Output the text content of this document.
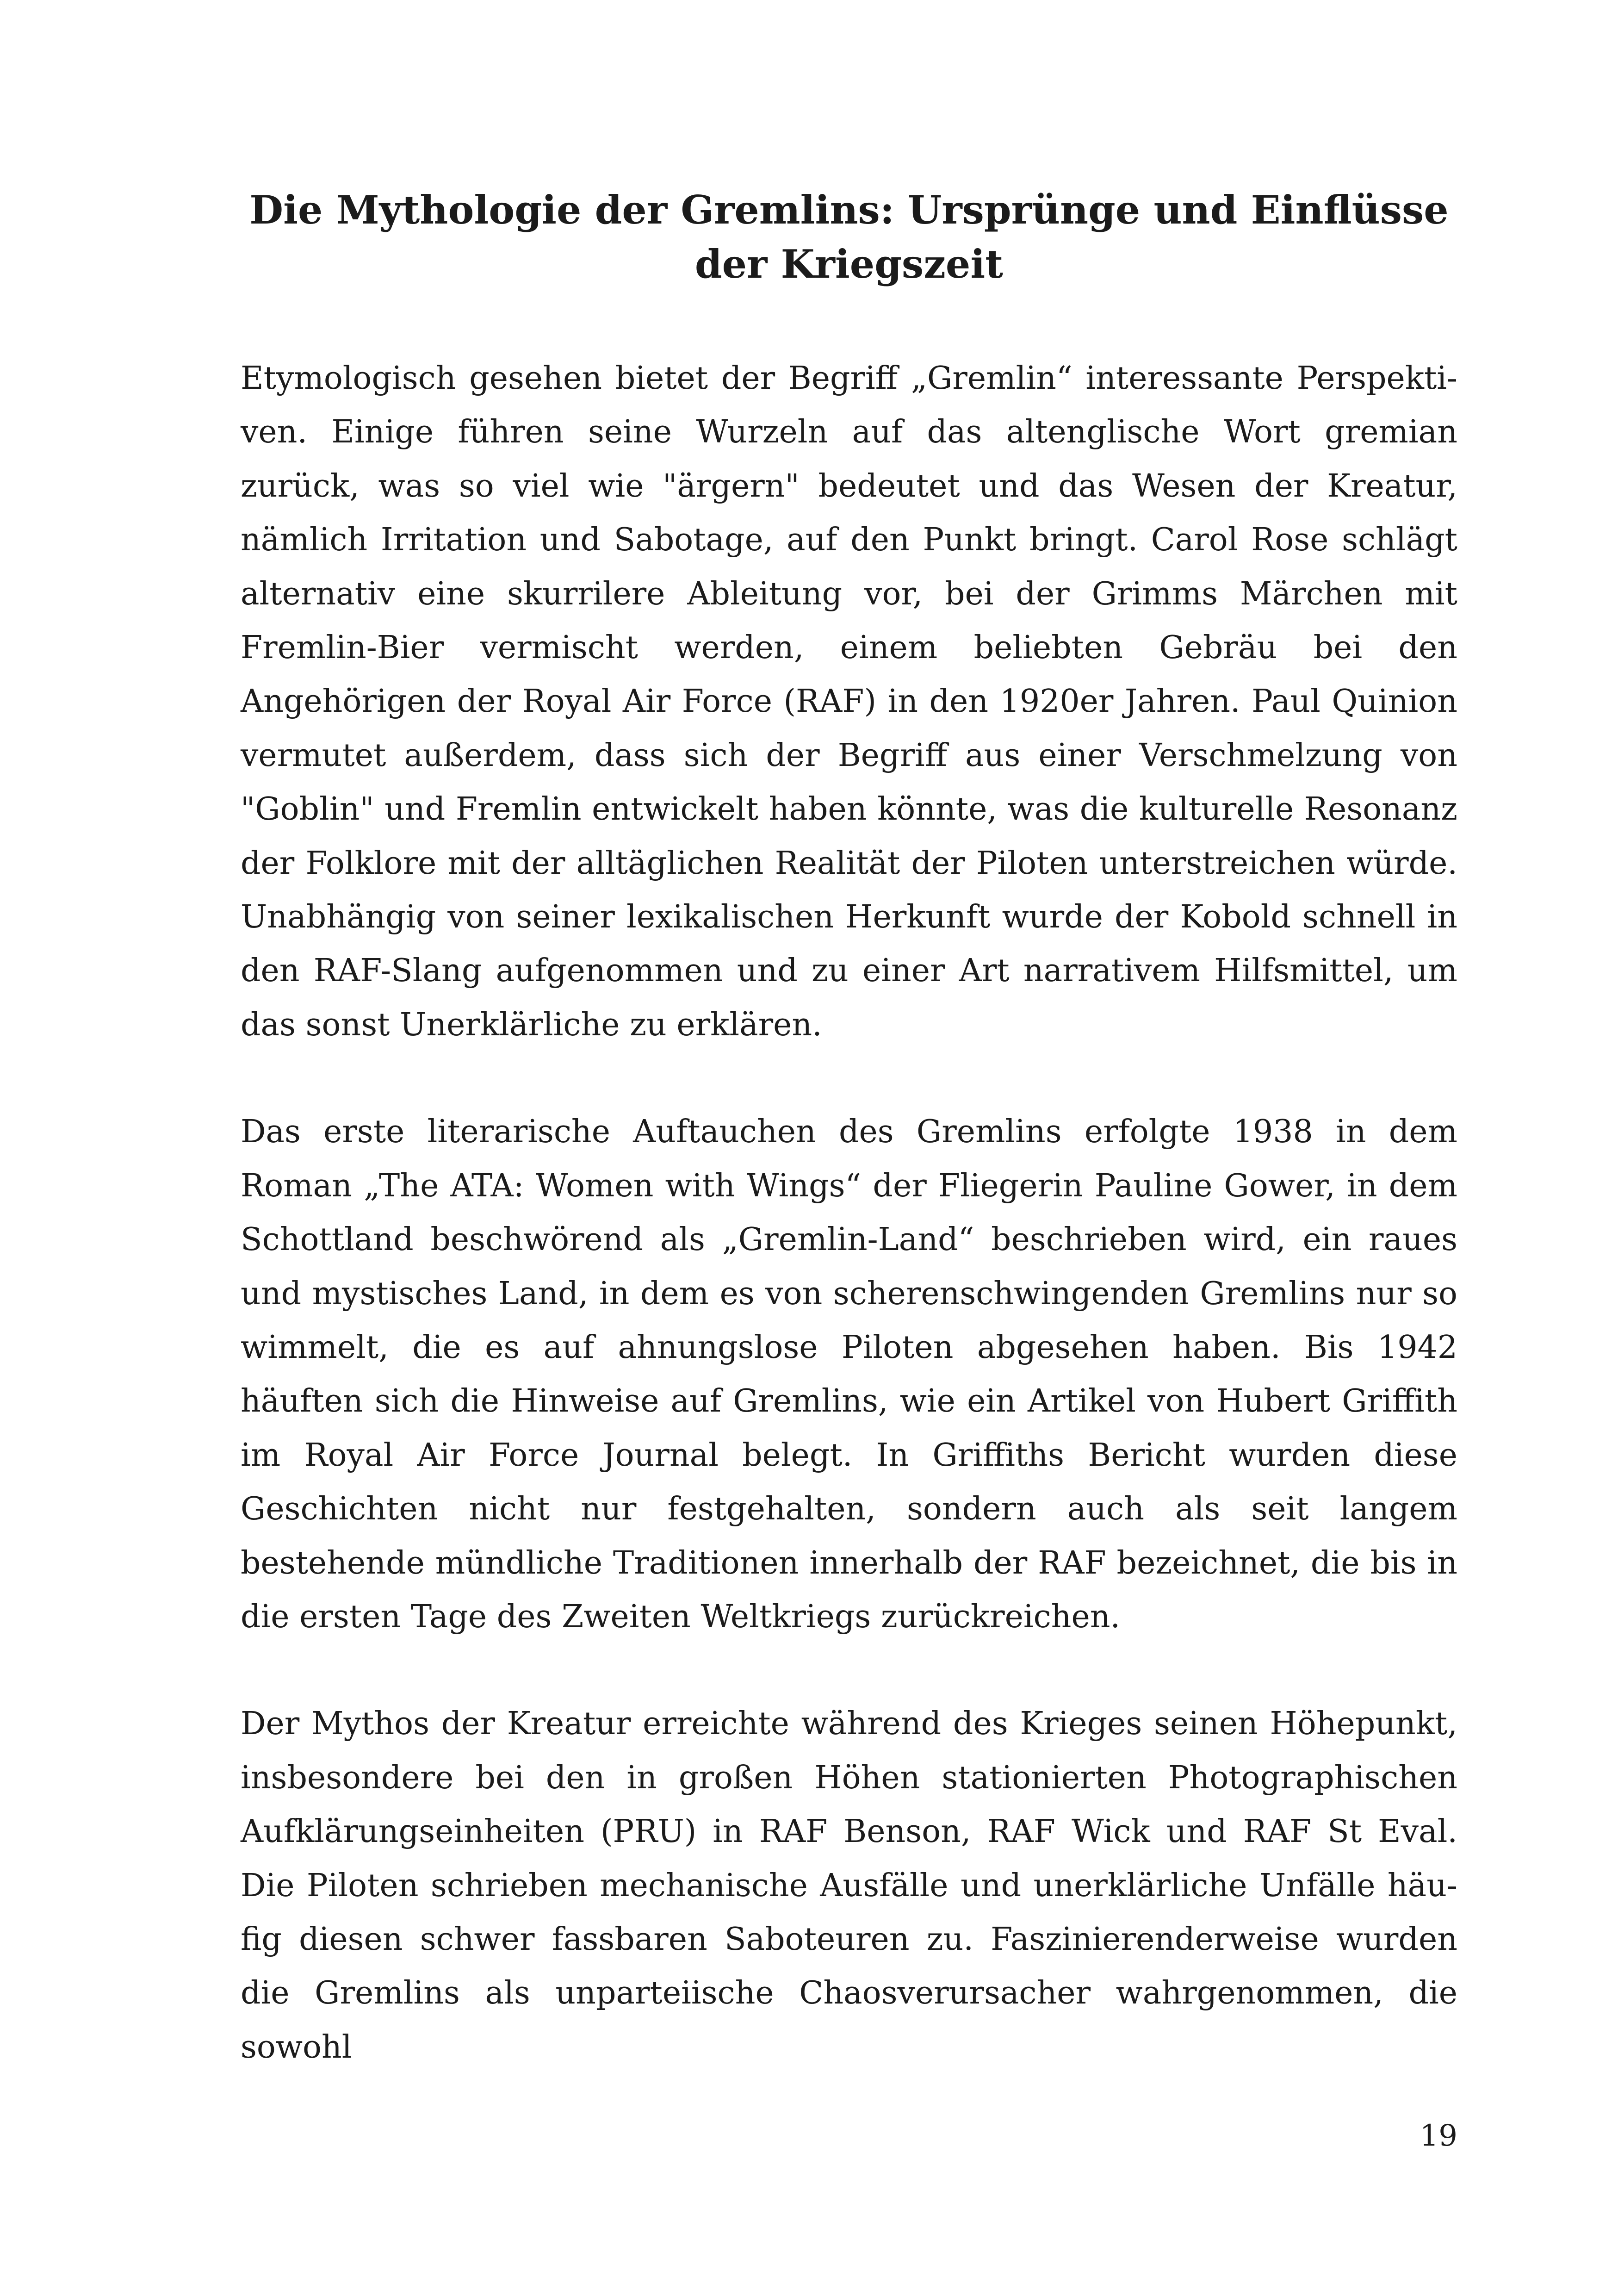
Die Mythologie der Gremlins: Ursprünge und Einflüsse der Kriegszeit

Etymologisch gesehen bietet der Begriff „Gremlin“ interessante Perspektiven. Einige führen seine Wurzeln auf das altenglische Wort gremian zurück, was so viel wie "ärgern" bedeutet und das Wesen der Kreatur, nämlich Irritation und Sabotage, auf den Punkt bringt. Carol Rose schlägt alternativ eine skurrilere Ableitung vor, bei der Grimms Märchen mit Fremlin-Bier vermischt werden, einem beliebten Gebräu bei den Angehörigen der Royal Air Force (RAF) in den 1920er Jahren. Paul Quinion vermutet außerdem, dass sich der Begriff aus einer Verschmelzung von "Goblin" und Fremlin entwickelt haben könnte, was die kulturelle Resonanz der Folklore mit der alltäglichen Realität der Piloten unterstreichen würde. Unabhängig von seiner lexikalischen Herkunft wurde der Kobold schnell in den RAF-Slang aufgenommen und zu einer Art narrativem Hilfsmittel, um das sonst Unerklärliche zu erklären.

Das erste literarische Auftauchen des Gremlins erfolgte 1938 in dem Roman „The ATA: Women with Wings“ der Fliegerin Pauline Gower, in dem Schottland beschwörend als „Gremlin-Land“ beschrieben wird, ein raues und mystisches Land, in dem es von scherenschwingenden Gremlins nur so wimmelt, die es auf ahnungslose Piloten abgesehen haben. Bis 1942 häuften sich die Hinweise auf Gremlins, wie ein Artikel von Hubert Griffith im Royal Air Force Journal belegt. In Griffiths Bericht wurden diese Geschichten nicht nur festgehalten, sondern auch als seit langem bestehende mündliche Traditionen innerhalb der RAF bezeichnet, die bis in die ersten Tage des Zweiten Weltkriegs zurückreichen.

Der Mythos der Kreatur erreichte während des Krieges seinen Höhepunkt, insbesondere bei den in großen Höhen stationierten Photographischen Aufklärungseinheiten (PRU) in RAF Benson, RAF Wick und RAF St Eval. Die Piloten schrieben mechanische Ausfälle und unerklärliche Unfälle häufig diesen schwer fassbaren Saboteuren zu. Faszinierenderweise wurden die Gremlins als unparteiische Chaosverursacher wahrgenommen, die sowohl

19
